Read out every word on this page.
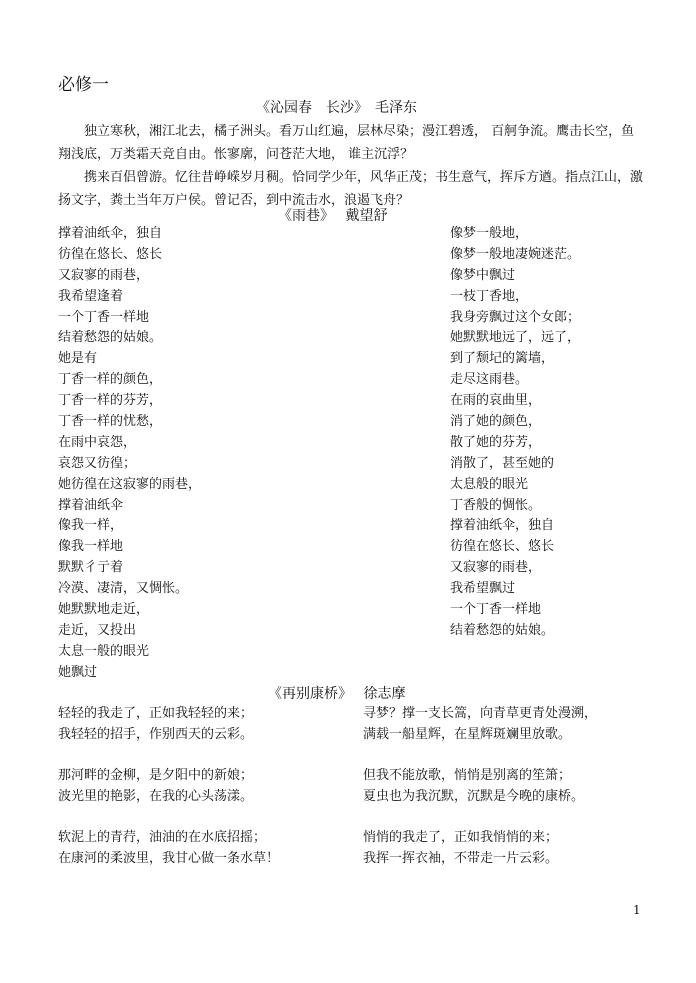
必修一
《沁园春　长沙》　毛泽东

独立寒秋，湘江北去，橘子洲头。看万山红遍，层林尽染；漫江碧透， 百舸争流。鹰击长空，鱼翔浅底，万类霜天竞自由。怅寥廓，问苍茫大地， 谁主沉浮？

携来百侣曾游。忆往昔峥嵘岁月稠。恰同学少年，风华正茂；书生意气，挥斥方遒。指点江山，激扬文字，粪土当年万户侯。曾记否，到中流击水，浪遏飞舟？

《雨巷》　 戴望舒
撑着油纸伞，独自
彷徨在悠长、悠长
又寂寥的雨巷，
我希望逢着
一个丁香一样地
结着愁怨的姑娘。
她是有
丁香一样的颜色，
丁香一样的芬芳，
丁香一样的忧愁，
在雨中哀怨，
哀怨又彷徨；
她彷徨在这寂寥的雨巷，
撑着油纸伞
像我一样，
像我一样地
默默彳亍着
冷漠、凄清，又惆怅。
她默默地走近，
走近，又投出
太息一般的眼光
她飘过
像梦一般地，
像梦一般地凄婉迷茫。
像梦中飘过
一枝丁香地，
我身旁飘过这个女郎；
她默默地远了，远了，
到了颓圮的篱墙，
走尽这雨巷。
在雨的哀曲里，
消了她的颜色，
散了她的芬芳，
消散了，甚至她的
太息般的眼光
丁香般的惆怅。
撑着油纸伞，独自
彷徨在悠长、悠长
又寂寥的雨巷，
我希望飘过
一个丁香一样地
结着愁怨的姑娘。
《再别康桥》　 徐志摩
轻轻的我走了，正如我轻轻的来；
我轻轻的招手，作别西天的云彩。
寻梦？撑一支长篙，向青草更青处漫溯，
满载一船星辉，在星辉斑斓里放歌。
那河畔的金柳，是夕阳中的新娘；
波光里的艳影，在我的心头荡漾。
但我不能放歌，悄悄是别离的笙箫；
夏虫也为我沉默，沉默是今晚的康桥。
软泥上的青荇，油油的在水底招摇；
在康河的柔波里，我甘心做一条水草！
悄悄的我走了，正如我悄悄的来；
我挥一挥衣袖，不带走一片云彩。
1
